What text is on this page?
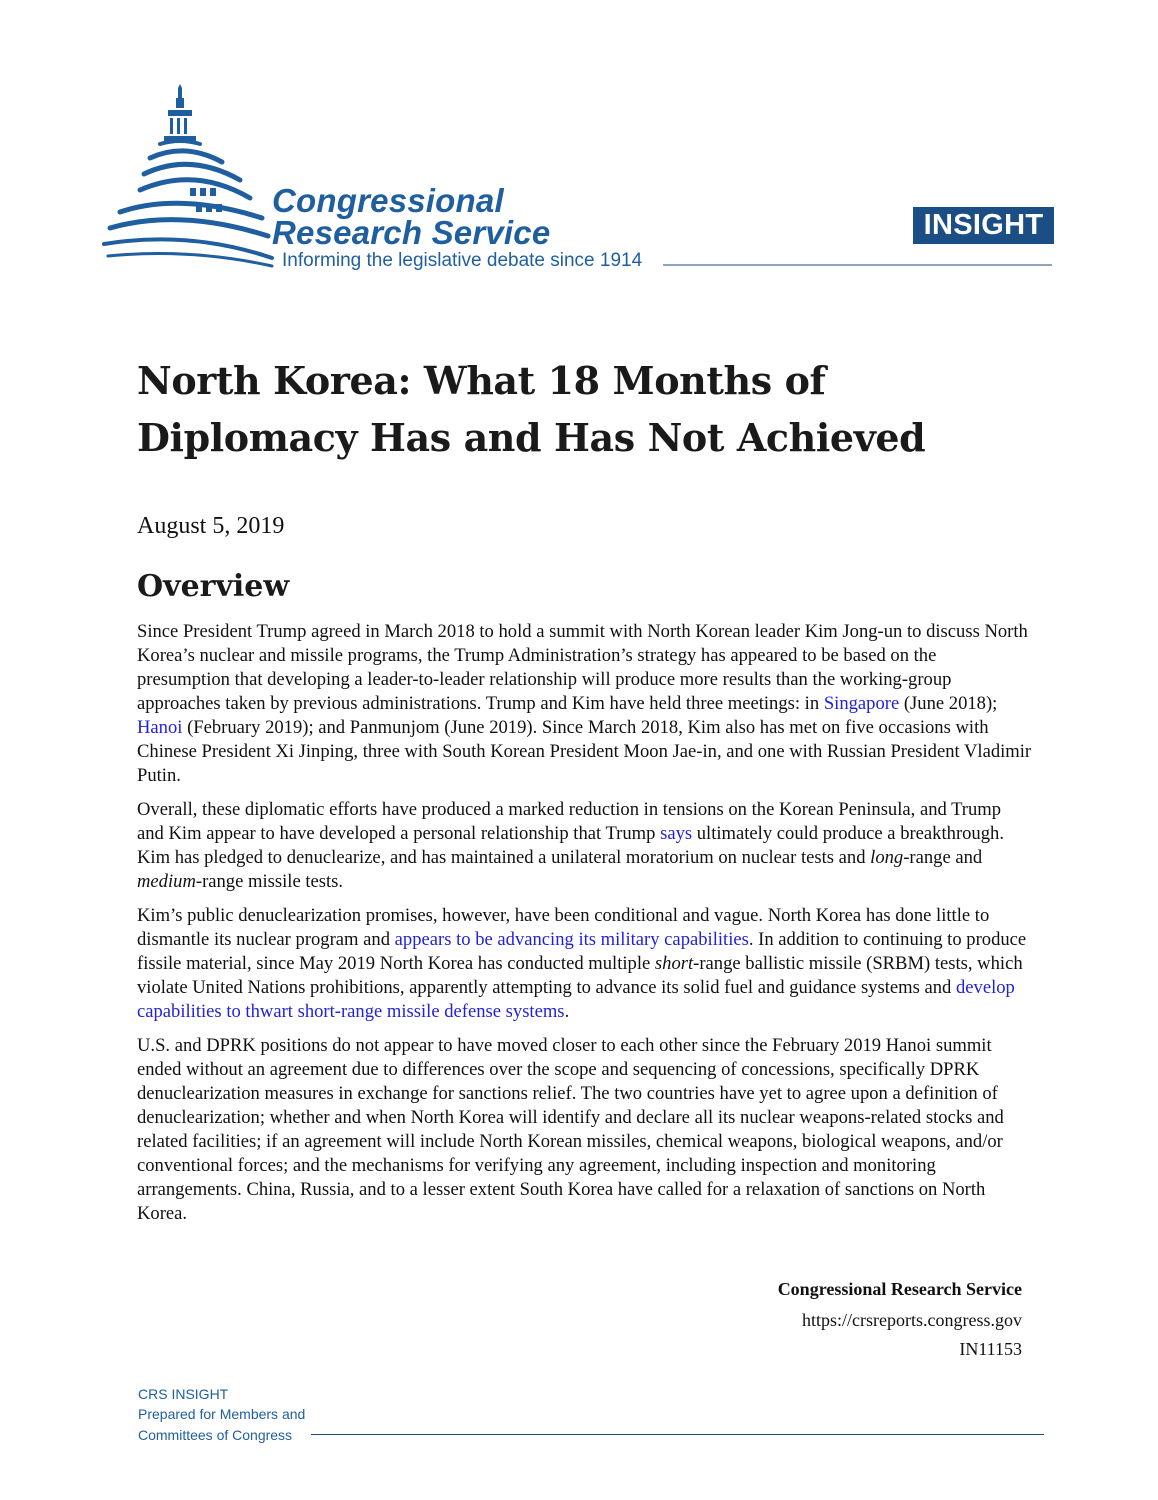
Congressional
Research Service
Informing the legislative debate since 1914
INSIGHT
North Korea: What 18 Months of Diplomacy Has and Has Not Achieved
August 5, 2019
Overview

Since President Trump agreed in March 2018 to hold a summit with North Korean leader Kim Jong-un to discuss North Korea’s nuclear and missile programs, the Trump Administration’s strategy has appeared to be based on the presumption that developing a leader-to-leader relationship will produce more results than the working-group approaches taken by previous administrations. Trump and Kim have held three meetings: in Singapore (June 2018); Hanoi (February 2019); and Panmunjom (June 2019). Since March 2018, Kim also has met on five occasions with Chinese President Xi Jinping, three with South Korean President Moon Jae-in, and one with Russian President Vladimir Putin.

Overall, these diplomatic efforts have produced a marked reduction in tensions on the Korean Peninsula, and Trump and Kim appear to have developed a personal relationship that Trump says ultimately could produce a breakthrough. Kim has pledged to denuclearize, and has maintained a unilateral moratorium on nuclear tests and long-range and medium-range missile tests.

Kim’s public denuclearization promises, however, have been conditional and vague. North Korea has done little to dismantle its nuclear program and appears to be advancing its military capabilities. In addition to continuing to produce fissile material, since May 2019 North Korea has conducted multiple short-range ballistic missile (SRBM) tests, which violate United Nations prohibitions, apparently attempting to advance its solid fuel and guidance systems and develop capabilities to thwart short-range missile defense systems.

U.S. and DPRK positions do not appear to have moved closer to each other since the February 2019 Hanoi summit ended without an agreement due to differences over the scope and sequencing of concessions, specifically DPRK denuclearization measures in exchange for sanctions relief. The two countries have yet to agree upon a definition of denuclearization; whether and when North Korea will identify and declare all its nuclear weapons-related stocks and related facilities; if an agreement will include North Korean missiles, chemical weapons, biological weapons, and/or conventional forces; and the mechanisms for verifying any agreement, including inspection and monitoring arrangements. China, Russia, and to a lesser extent South Korea have called for a relaxation of sanctions on North Korea.

Congressional Research Service
https://crsreports.congress.gov
IN11153
CRS INSIGHT
Prepared for Members and
Committees of Congress
